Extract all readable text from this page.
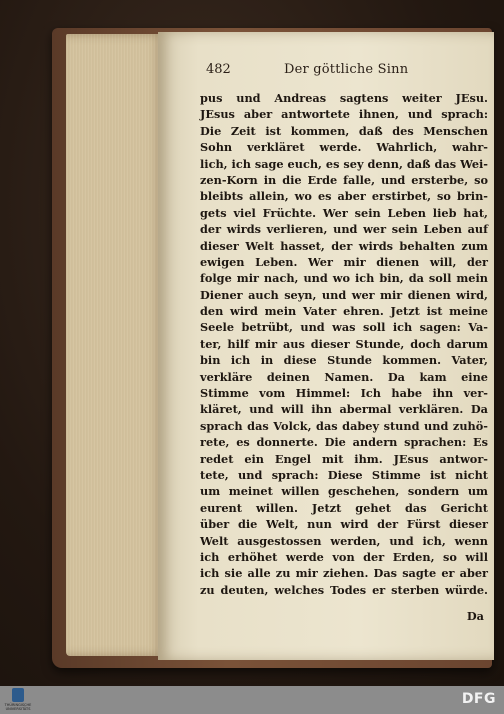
482	Der göttliche Sinn
pus und Andreas sagtens weiter JEsu.
JEsus aber antwortete ihnen, und sprach:
Die Zeit ist kommen, daß des Menschen
Sohn verkläret werde. Wahrlich, wahr-
lich, ich sage euch, es sey denn, daß das Wei-
zen-Korn in die Erde falle, und ersterbe, so
bleibts allein, wo es aber erstirbet, so brin-
gets viel Früchte. Wer sein Leben lieb hat,
der wirds verlieren, und wer sein Leben auf
dieser Welt hasset, der wirds behalten zum
ewigen Leben. Wer mir dienen will, der
folge mir nach, und wo ich bin, da soll mein
Diener auch seyn, und wer mir dienen wird,
den wird mein Vater ehren. Jetzt ist meine
Seele betrübt, und was soll ich sagen: Va-
ter, hilf mir aus dieser Stunde, doch darum
bin ich in diese Stunde kommen. Vater,
verkläre deinen Namen. Da kam eine
Stimme vom Himmel: Ich habe ihn ver-
kläret, und will ihn abermal verklären. Da
sprach das Volck, das dabey stund und zuhö-
rete, es donnerte. Die andern sprachen: Es
redet ein Engel mit ihm. JEsus antwor-
tete, und sprach: Diese Stimme ist nicht
um meinet willen geschehen, sondern um
eurent willen. Jetzt gehet das Gericht
über die Welt, nun wird der Fürst dieser
Welt ausgestossen werden, und ich, wenn
ich erhöhet werde von der Erden, so will
ich sie alle zu mir ziehen. Das sagte er aber
zu deuten, welches Todes er sterben würde.
Da
THÜRINGISCHE UNIVERSITÄTS
DFG
